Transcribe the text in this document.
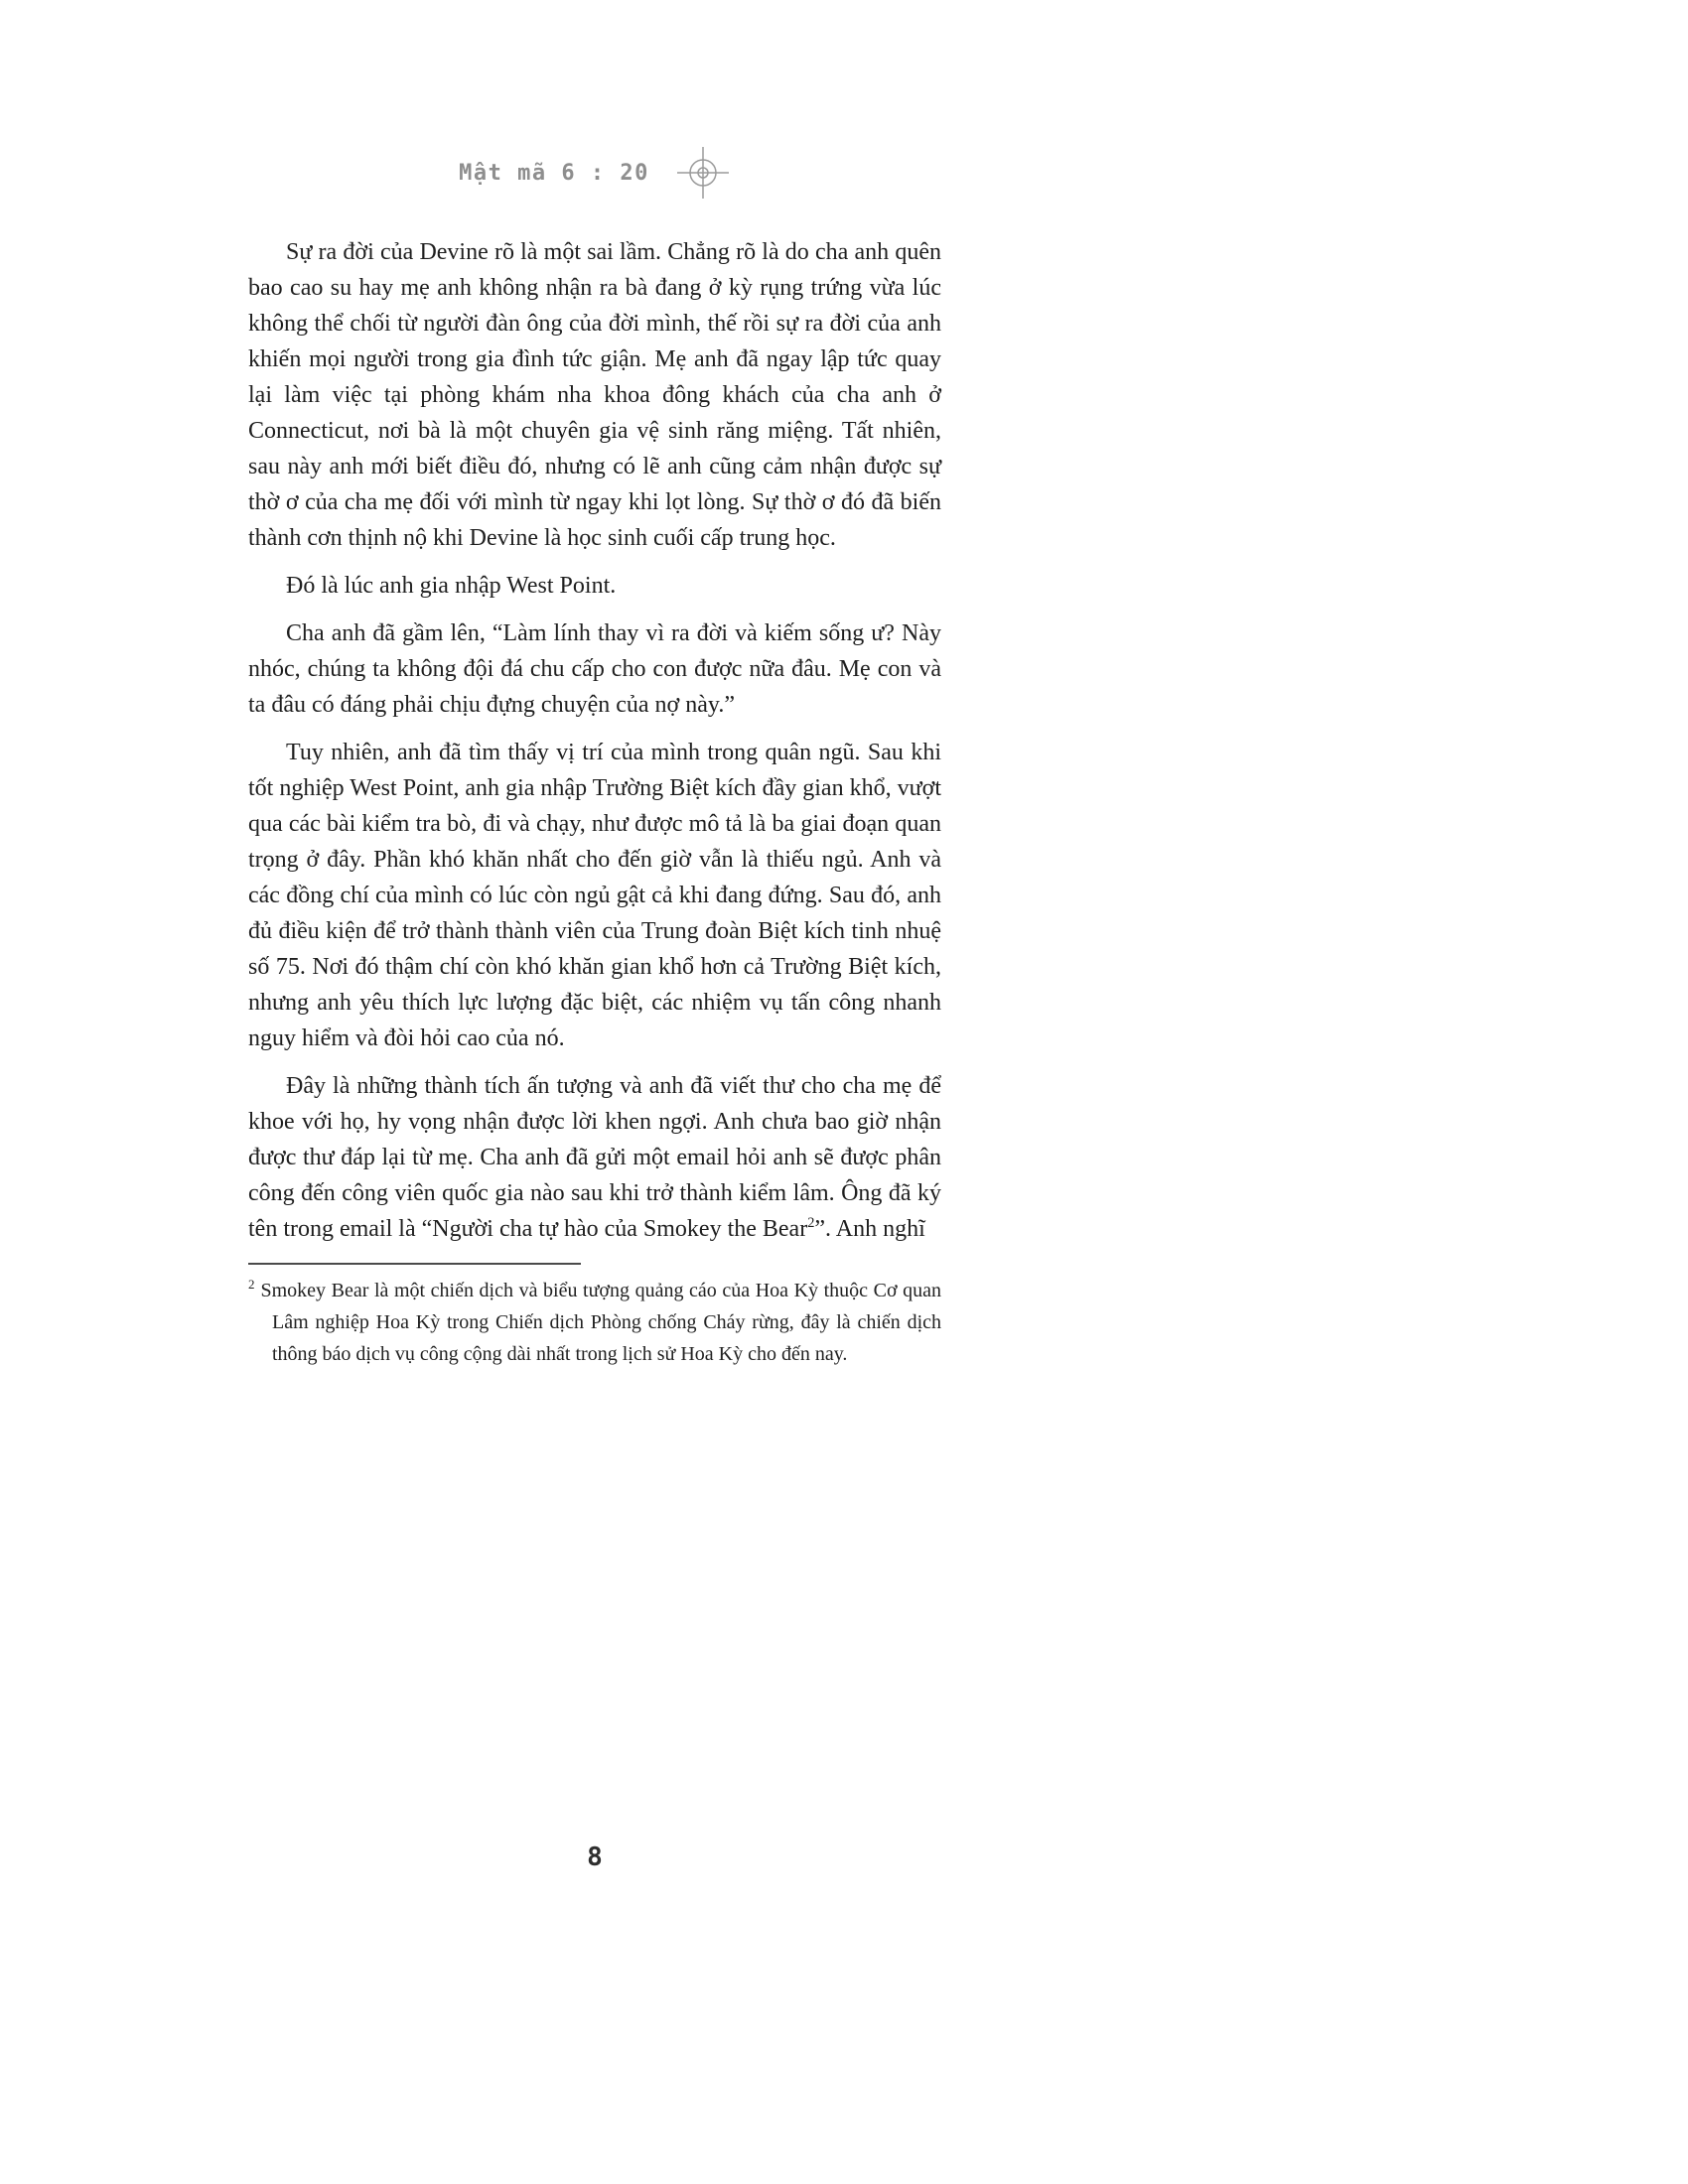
Mật mã 6 : 20

Sự ra đời của Devine rõ là một sai lầm. Chẳng rõ là do cha anh quên bao cao su hay mẹ anh không nhận ra bà đang ở kỳ rụng trứng vừa lúc không thể chối từ người đàn ông của đời mình, thế rồi sự ra đời của anh khiến mọi người trong gia đình tức giận. Mẹ anh đã ngay lập tức quay lại làm việc tại phòng khám nha khoa đông khách của cha anh ở Connecticut, nơi bà là một chuyên gia vệ sinh răng miệng. Tất nhiên, sau này anh mới biết điều đó, nhưng có lẽ anh cũng cảm nhận được sự thờ ơ của cha mẹ đối với mình từ ngay khi lọt lòng. Sự thờ ơ đó đã biến thành cơn thịnh nộ khi Devine là học sinh cuối cấp trung học.

Đó là lúc anh gia nhập West Point.

Cha anh đã gầm lên, “Làm lính thay vì ra đời và kiếm sống ư? Này nhóc, chúng ta không đội đá chu cấp cho con được nữa đâu. Mẹ con và ta đâu có đáng phải chịu đựng chuyện của nợ này.”

Tuy nhiên, anh đã tìm thấy vị trí của mình trong quân ngũ. Sau khi tốt nghiệp West Point, anh gia nhập Trường Biệt kích đầy gian khổ, vượt qua các bài kiểm tra bò, đi và chạy, như được mô tả là ba giai đoạn quan trọng ở đây. Phần khó khăn nhất cho đến giờ vẫn là thiếu ngủ. Anh và các đồng chí của mình có lúc còn ngủ gật cả khi đang đứng. Sau đó, anh đủ điều kiện để trở thành thành viên của Trung đoàn Biệt kích tinh nhuệ số 75. Nơi đó thậm chí còn khó khăn gian khổ hơn cả Trường Biệt kích, nhưng anh yêu thích lực lượng đặc biệt, các nhiệm vụ tấn công nhanh nguy hiểm và đòi hỏi cao của nó.

Đây là những thành tích ấn tượng và anh đã viết thư cho cha mẹ để khoe với họ, hy vọng nhận được lời khen ngợi. Anh chưa bao giờ nhận được thư đáp lại từ mẹ. Cha anh đã gửi một email hỏi anh sẽ được phân công đến công viên quốc gia nào sau khi trở thành kiểm lâm. Ông đã ký tên trong email là “Người cha tự hào của Smokey the Bear$^2$”. Anh nghĩ

$^2$ Smokey Bear là một chiến dịch và biểu tượng quảng cáo của Hoa Kỳ thuộc Cơ quan Lâm nghiệp Hoa Kỳ trong Chiến dịch Phòng chống Cháy rừng, đây là chiến dịch thông báo dịch vụ công cộng dài nhất trong lịch sử Hoa Kỳ cho đến nay.

8
